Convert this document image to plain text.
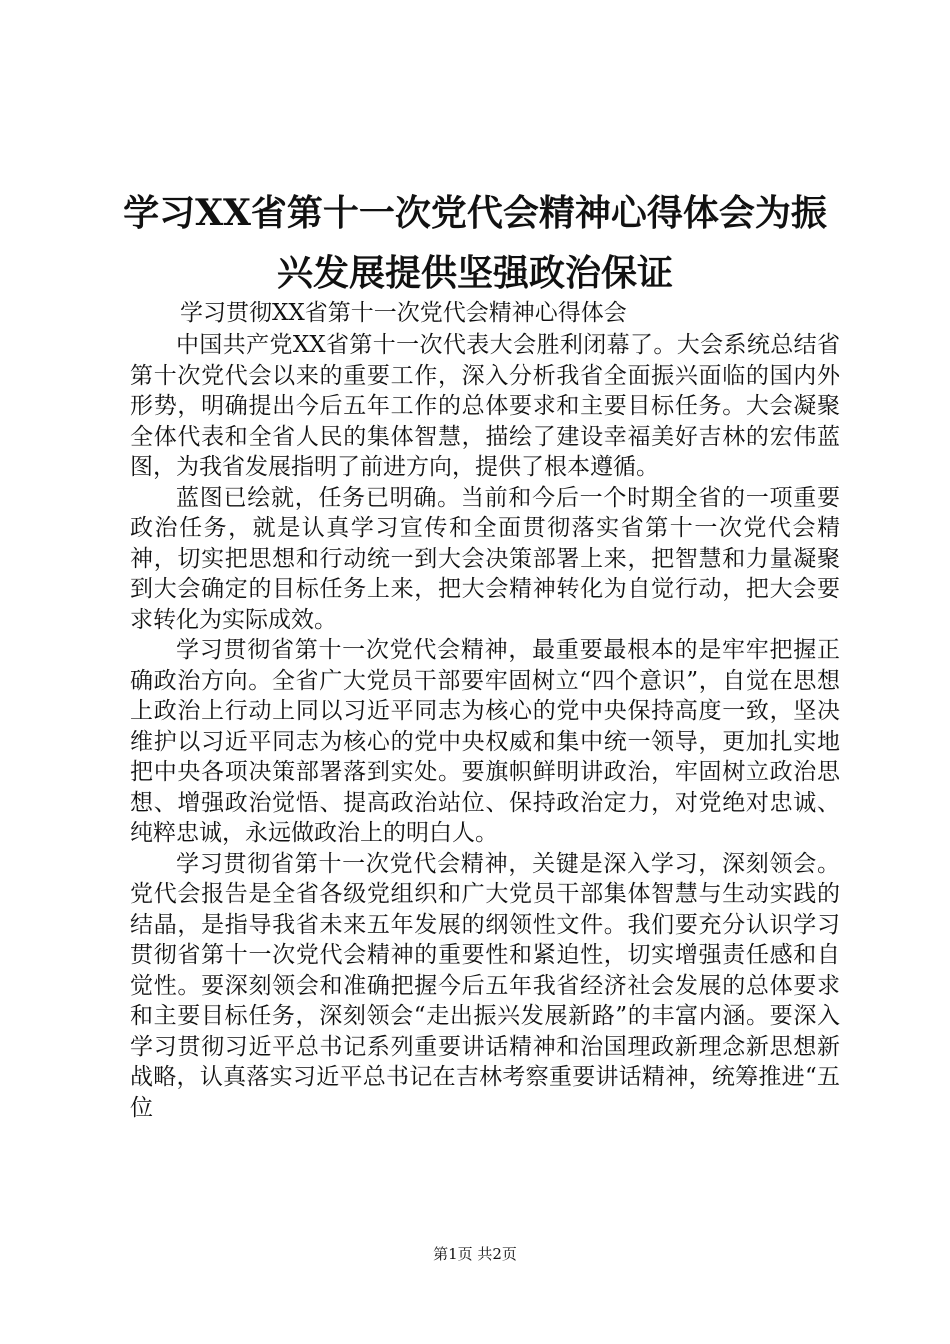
学习XX省第十一次党代会精神心得体会为振兴发展提供坚强政治保证

学习贯彻XX省第十一次党代会精神心得体会

中国共产党XX省第十一次代表大会胜利闭幕了。大会系统总结省第十次党代会以来的重要工作，深入分析我省全面振兴面临的国内外形势，明确提出今后五年工作的总体要求和主要目标任务。大会凝聚全体代表和全省人民的集体智慧，描绘了建设幸福美好吉林的宏伟蓝图，为我省发展指明了前进方向，提供了根本遵循。

蓝图已绘就，任务已明确。当前和今后一个时期全省的一项重要政治任务，就是认真学习宣传和全面贯彻落实省第十一次党代会精神，切实把思想和行动统一到大会决策部署上来，把智慧和力量凝聚到大会确定的目标任务上来，把大会精神转化为自觉行动，把大会要求转化为实际成效。

学习贯彻省第十一次党代会精神，最重要最根本的是牢牢把握正确政治方向。全省广大党员干部要牢固树立“四个意识”，自觉在思想上政治上行动上同以习近平同志为核心的党中央保持高度一致，坚决维护以习近平同志为核心的党中央权威和集中统一领导，更加扎实地把中央各项决策部署落到实处。要旗帜鲜明讲政治，牢固树立政治思想、增强政治觉悟、提高政治站位、保持政治定力，对党绝对忠诚、纯粹忠诚，永远做政治上的明白人。

学习贯彻省第十一次党代会精神，关键是深入学习，深刻领会。党代会报告是全省各级党组织和广大党员干部集体智慧与生动实践的结晶，是指导我省未来五年发展的纲领性文件。我们要充分认识学习贯彻省第十一次党代会精神的重要性和紧迫性，切实增强责任感和自觉性。要深刻领会和准确把握今后五年我省经济社会发展的总体要求和主要目标任务，深刻领会“走出振兴发展新路”的丰富内涵。要深入学习贯彻习近平总书记系列重要讲话精神和治国理政新理念新思想新战略，认真落实习近平总书记在吉林考察重要讲话精神，统筹推进“五位

第1页 共2页
